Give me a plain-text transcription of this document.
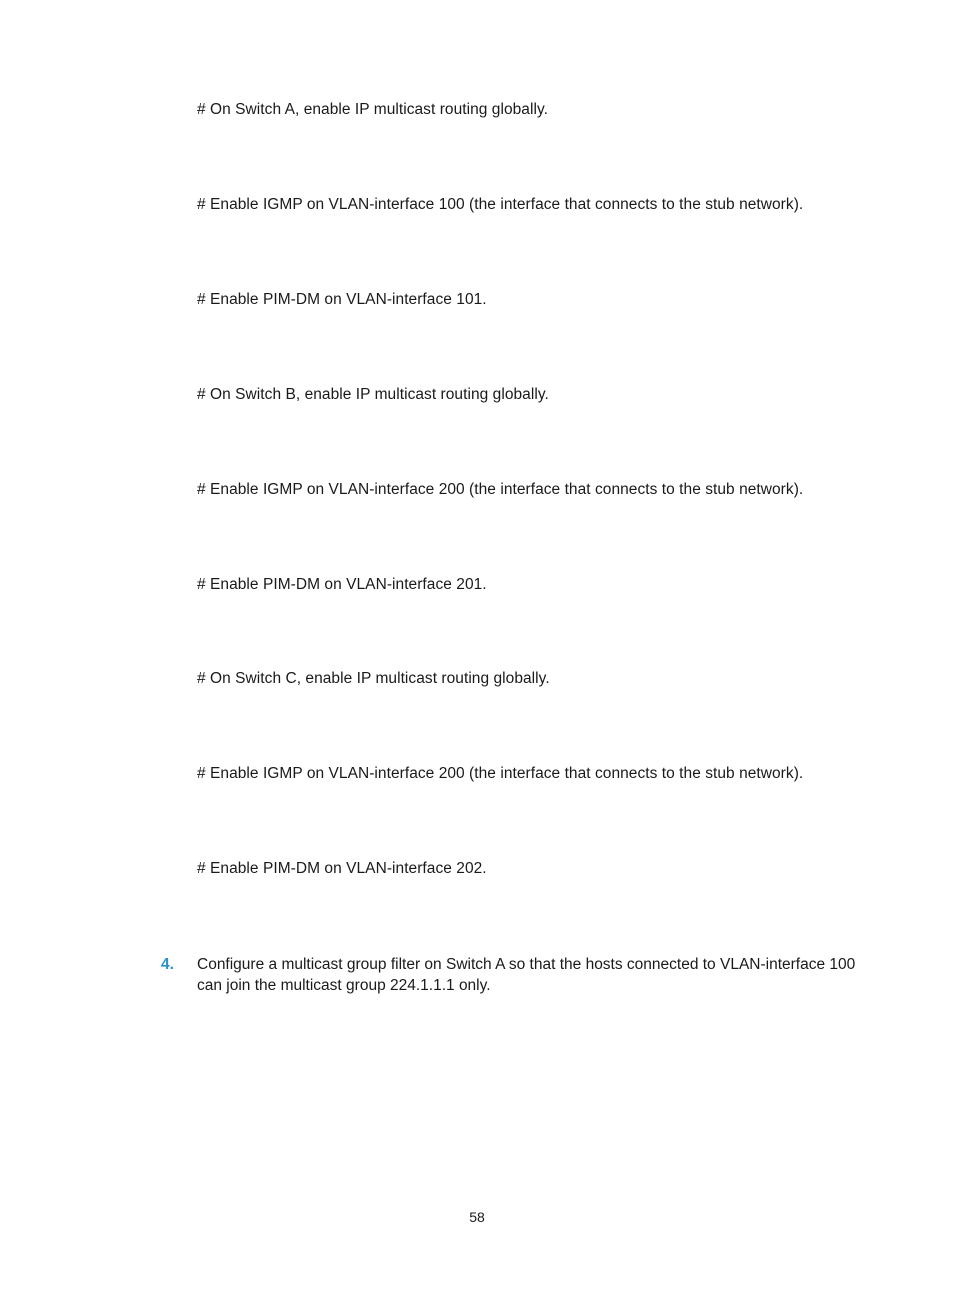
# On Switch A, enable IP multicast routing globally.
# Enable IGMP on VLAN-interface 100 (the interface that connects to the stub network).
# Enable PIM-DM on VLAN-interface 101.
# On Switch B, enable IP multicast routing globally.
# Enable IGMP on VLAN-interface 200 (the interface that connects to the stub network).
# Enable PIM-DM on VLAN-interface 201.
# On Switch C, enable IP multicast routing globally.
# Enable IGMP on VLAN-interface 200 (the interface that connects to the stub network).
# Enable PIM-DM on VLAN-interface 202.
4. Configure a multicast group filter on Switch A so that the hosts connected to VLAN-interface 100 can join the multicast group 224.1.1.1 only.
58
